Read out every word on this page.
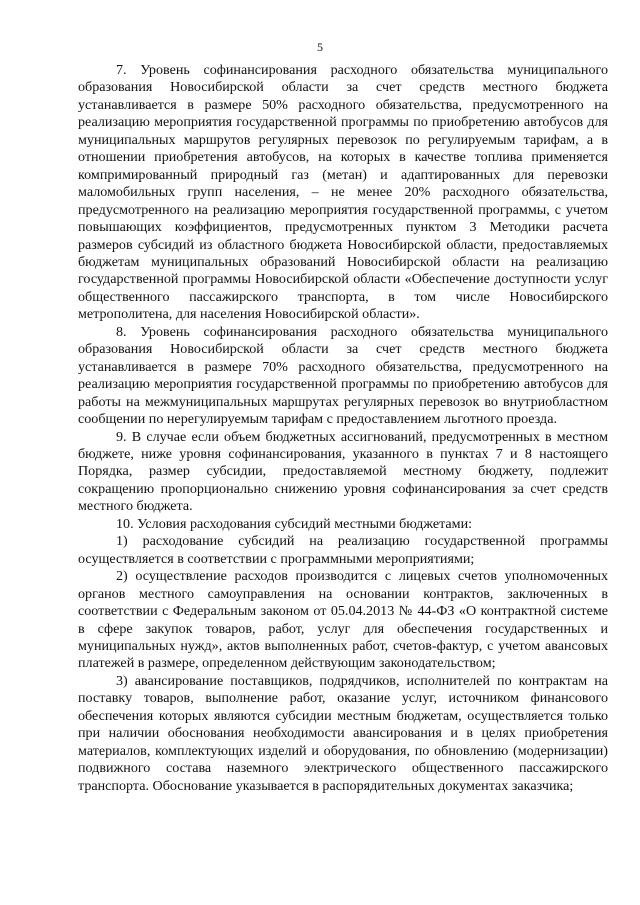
5

7. Уровень софинансирования расходного обязательства муниципального образования Новосибирской области за счет средств местного бюджета устанавливается в размере 50% расходного обязательства, предусмотренного на реализацию мероприятия государственной программы по приобретению автобусов для муниципальных маршрутов регулярных перевозок по регулируемым тарифам, а в отношении приобретения автобусов, на которых в качестве топлива применяется компримированный природный газ (метан) и адаптированных для перевозки маломобильных групп населения, – не менее 20% расходного обязательства, предусмотренного на реализацию мероприятия государственной программы, с учетом повышающих коэффициентов, предусмотренных пунктом 3 Методики расчета размеров субсидий из областного бюджета Новосибирской области, предоставляемых бюджетам муниципальных образований Новосибирской области на реализацию государственной программы Новосибирской области «Обеспечение доступности услуг общественного пассажирского транспорта, в том числе Новосибирского метрополитена, для населения Новосибирской области».

8. Уровень софинансирования расходного обязательства муниципального образования Новосибирской области за счет средств местного бюджета устанавливается в размере 70% расходного обязательства, предусмотренного на реализацию мероприятия государственной программы по приобретению автобусов для работы на межмуниципальных маршрутах регулярных перевозок во внутриобластном сообщении по нерегулируемым тарифам с предоставлением льготного проезда.

9. В случае если объем бюджетных ассигнований, предусмотренных в местном бюджете, ниже уровня софинансирования, указанного в пунктах 7 и 8 настоящего Порядка, размер субсидии, предоставляемой местному бюджету, подлежит сокращению пропорционально снижению уровня софинансирования за счет средств местного бюджета.

10. Условия расходования субсидий местными бюджетами:

1) расходование субсидий на реализацию государственной программы осуществляется в соответствии с программными мероприятиями;

2) осуществление расходов производится с лицевых счетов уполномоченных органов местного самоуправления на основании контрактов, заключенных в соответствии с Федеральным законом от 05.04.2013 № 44-ФЗ «О контрактной системе в сфере закупок товаров, работ, услуг для обеспечения государственных и муниципальных нужд», актов выполненных работ, счетов-фактур, с учетом авансовых платежей в размере, определенном действующим законодательством;

3) авансирование поставщиков, подрядчиков, исполнителей по контрактам на поставку товаров, выполнение работ, оказание услуг, источником финансового обеспечения которых являются субсидии местным бюджетам, осуществляется только при наличии обоснования необходимости авансирования и в целях приобретения материалов, комплектующих изделий и оборудования, по обновлению (модернизации) подвижного состава наземного электрического общественного пассажирского транспорта. Обоснование указывается в распорядительных документах заказчика;
